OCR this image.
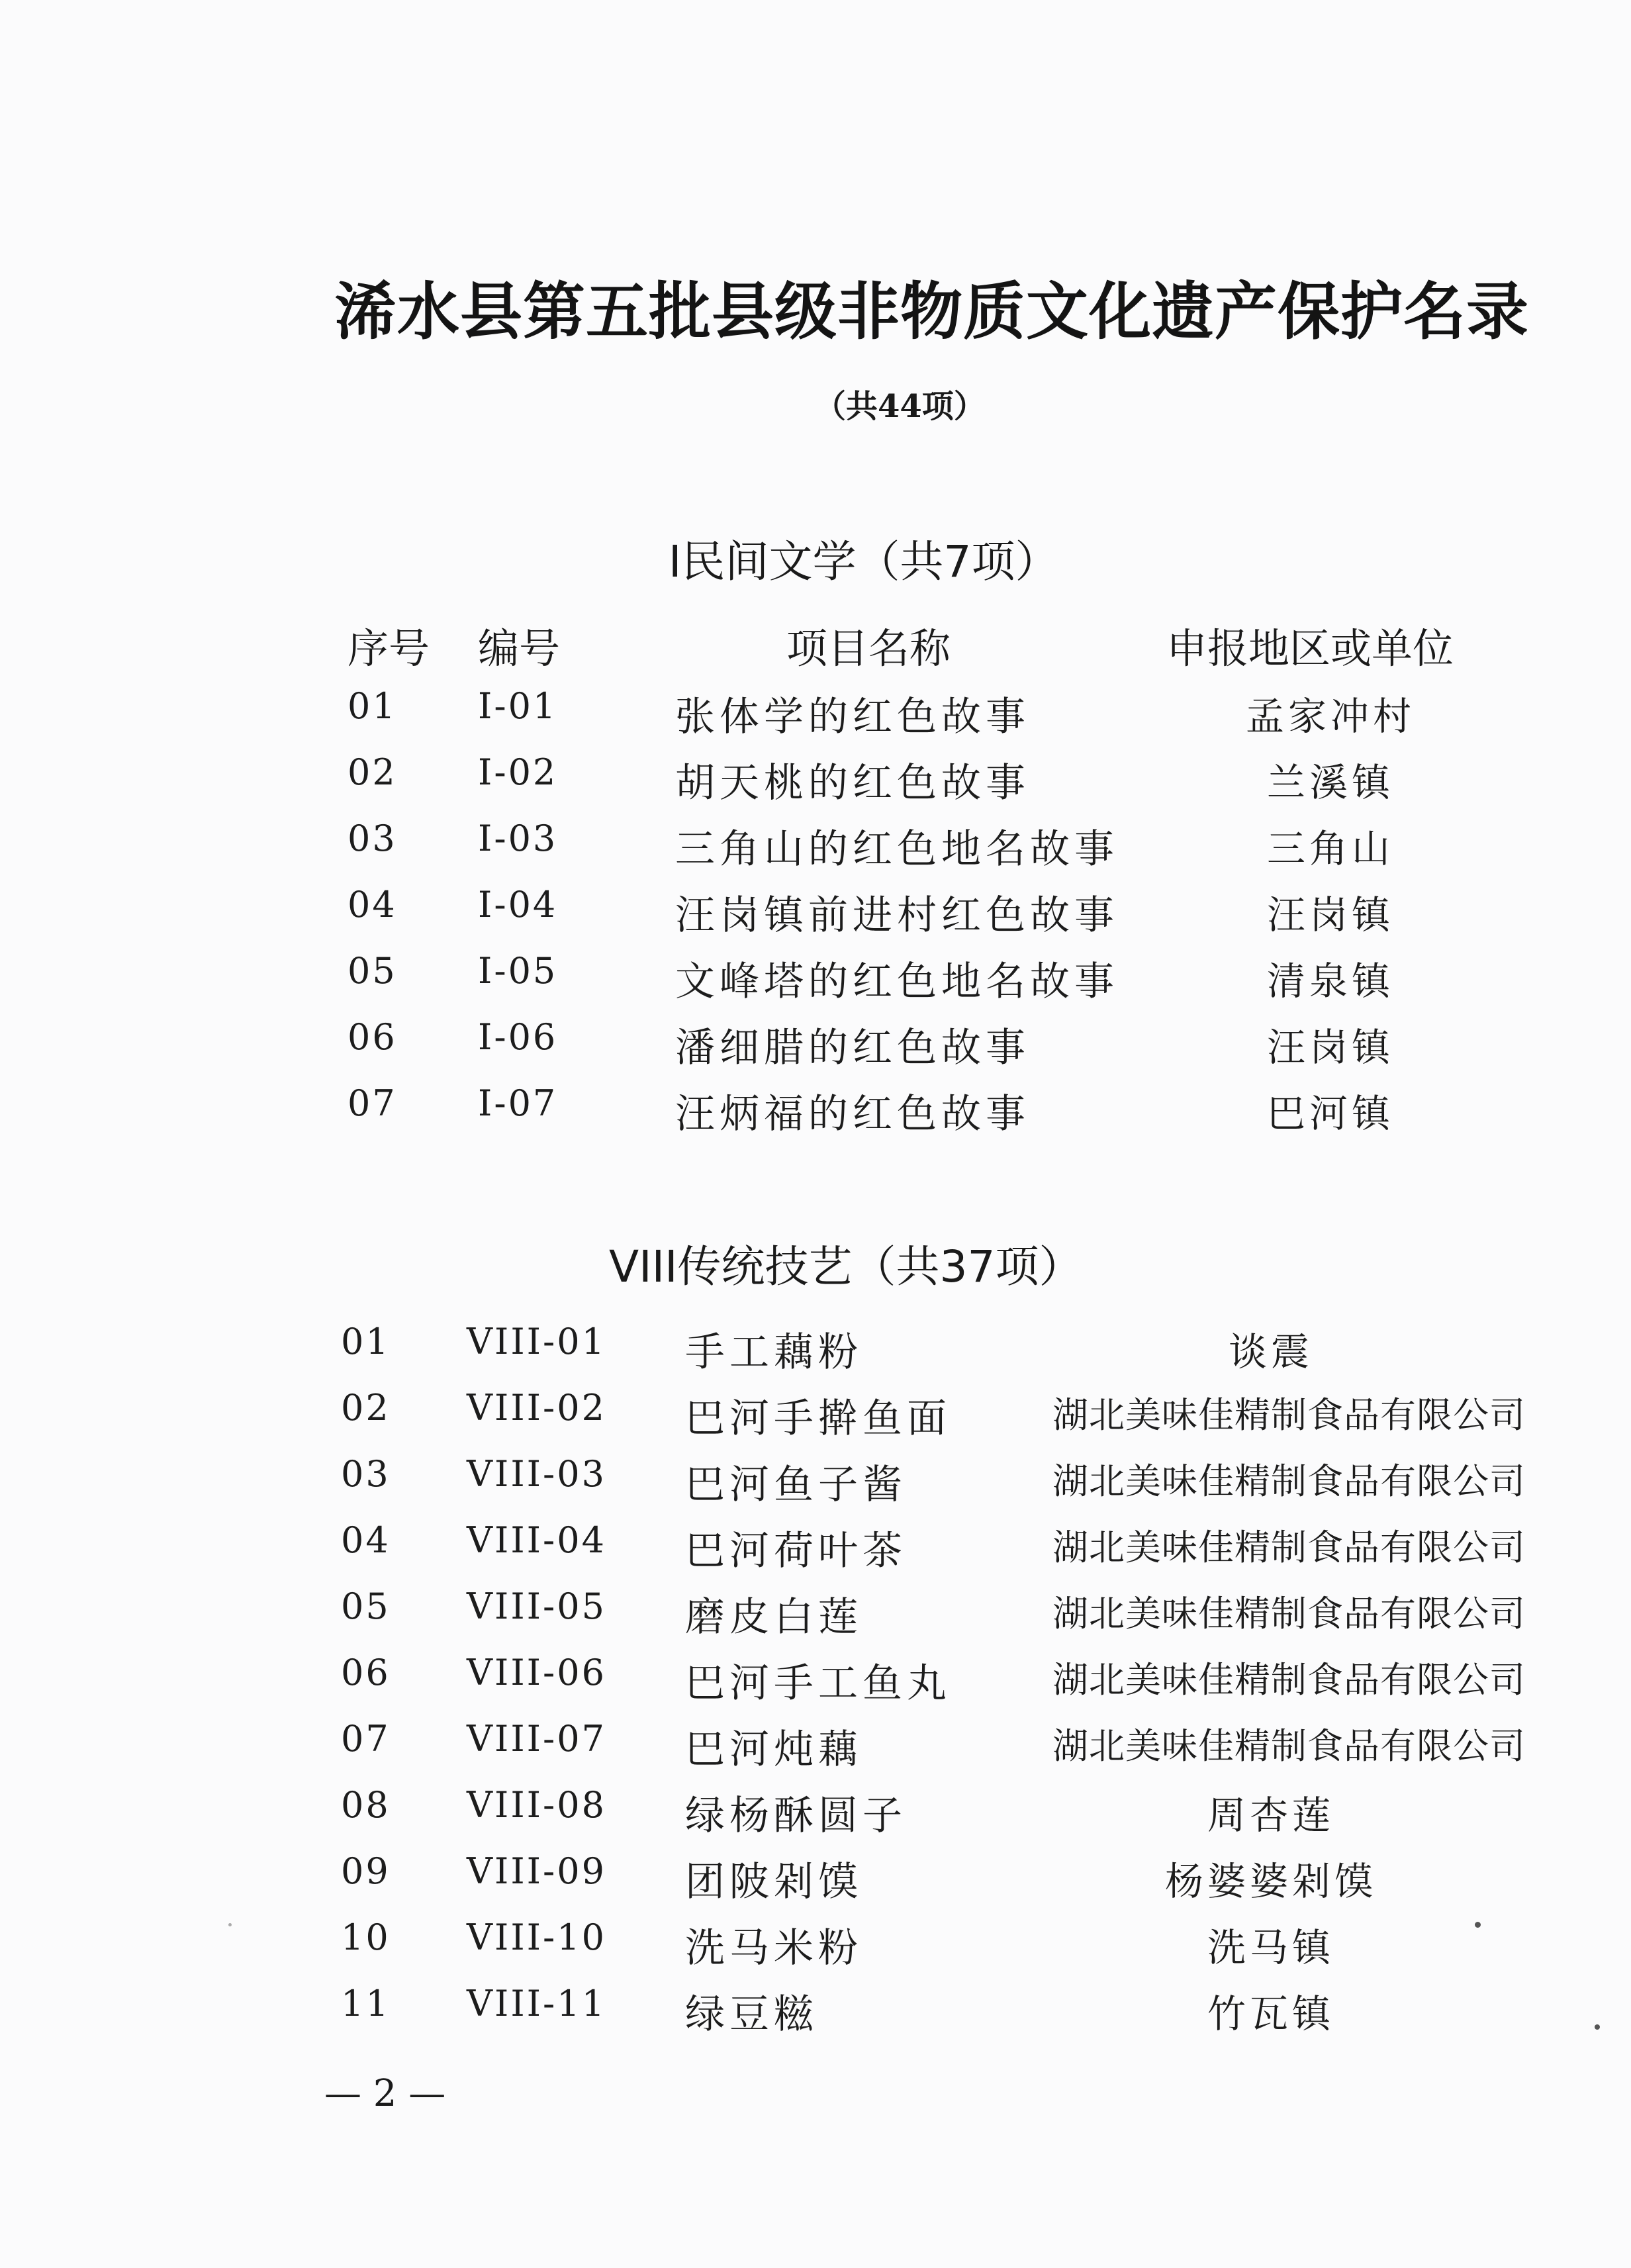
浠水县第五批县级非物质文化遗产保护名录
（共44项）
Ⅰ民间文学（共7项）
序号 编号	项目名称	申报地区或单位
01 I-01	张体学的红色故事	孟家冲村
02 I-02	胡天桃的红色故事	兰溪镇
03 I-03	三角山的红色地名故事	三角山
04 I-04	汪岗镇前进村红色故事	汪岗镇
05 I-05	文峰塔的红色地名故事	清泉镇
06 I-06	潘细腊的红色故事	汪岗镇
07 I-07	汪炳福的红色故事	巴河镇
VIII传统技艺（共37项）
01 VIII-01 手工藕粉	谈震
02 VIII-02 巴河手擀鱼面	湖北美味佳精制食品有限公司
03 VIII-03 巴河鱼子酱	湖北美味佳精制食品有限公司
04 VIII-04 巴河荷叶茶	湖北美味佳精制食品有限公司
05 VIII-05 磨皮白莲	湖北美味佳精制食品有限公司
06 VIII-06 巴河手工鱼丸	湖北美味佳精制食品有限公司
07 VIII-07 巴河炖藕	湖北美味佳精制食品有限公司
08 VIII-08 绿杨酥圆子	周杏莲
09 VIII-09 团陂剁馍	杨婆婆剁馍
10 VIII-10 洗马米粉	洗马镇
11 VIII-11 绿豆糍	竹瓦镇
— 2 —
